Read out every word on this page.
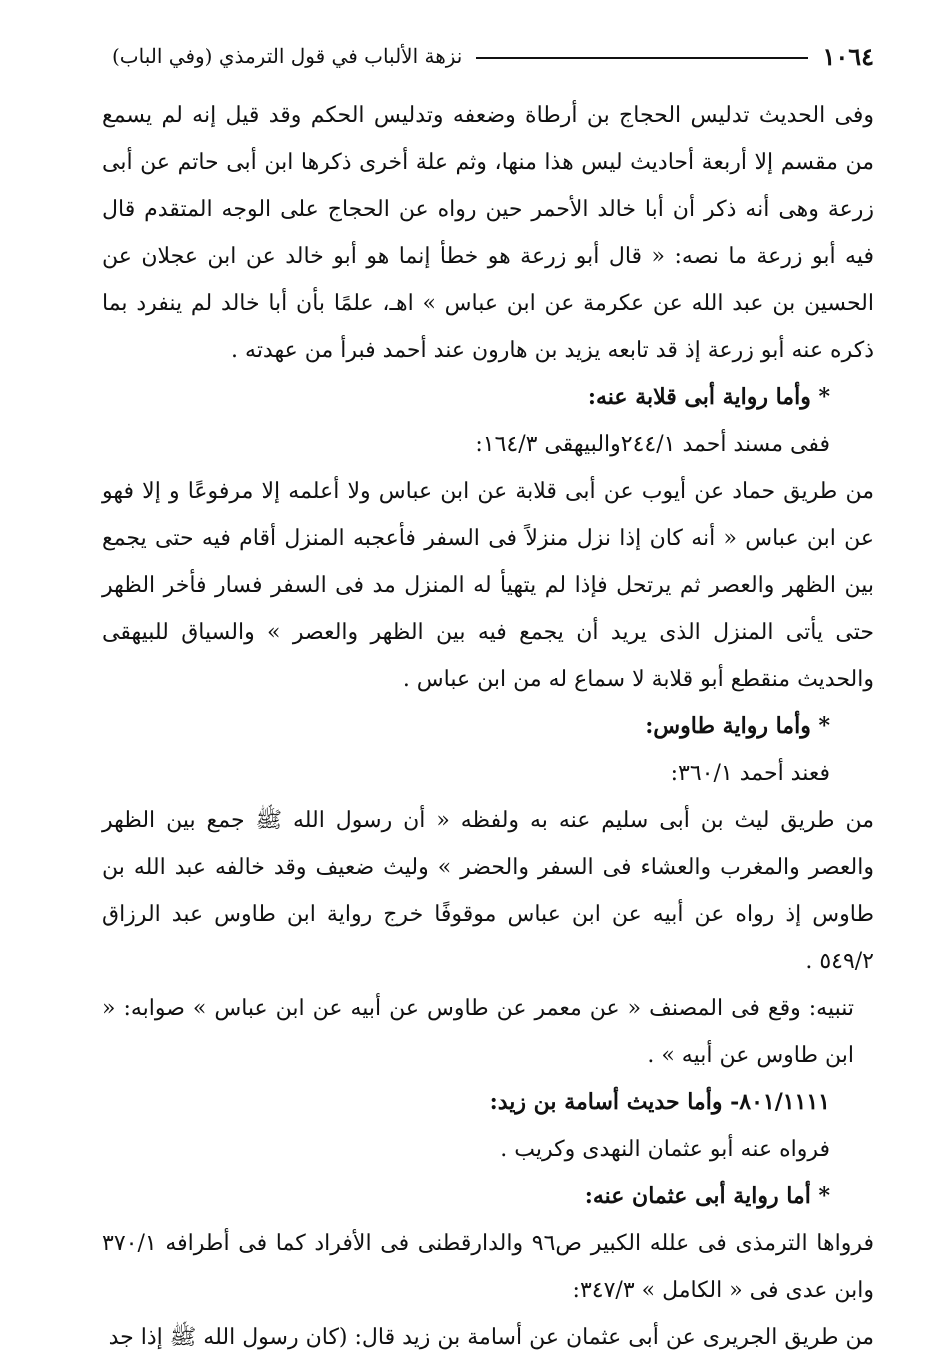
١٠٦٤
نزهة الألباب في قول الترمذي (وفي الباب)

وفى الحديث تدليس الحجاج بن أرطاة وضعفه وتدليس الحكم وقد قيل إنه لم يسمع من مقسم إلا أربعة أحاديث ليس هذا منها، وثم علة أخرى ذكرها ابن أبى حاتم عن أبى زرعة وهى أنه ذكر أن أبا خالد الأحمر حين رواه عن الحجاج على الوجه المتقدم قال فيه أبو زرعة ما نصه: « قال أبو زرعة هو خطأ إنما هو أبو خالد عن ابن عجلان عن الحسين بن عبد الله عن عكرمة عن ابن عباس » اهـ، علمًا بأن أبا خالد لم ينفرد بما ذكره عنه أبو زرعة إذ قد تابعه يزيد بن هارون عند أحمد فبرأ من عهدته .

* وأما رواية أبى قلابة عنه:

ففى مسند أحمد ٢٤٤/١والبيهقى ١٦٤/٣:

من طريق حماد عن أيوب عن أبى قلابة عن ابن عباس ولا أعلمه إلا مرفوعًا و إلا فهو عن ابن عباس « أنه كان إذا نزل منزلاً فى السفر فأعجبه المنزل أقام فيه حتى يجمع بين الظهر والعصر ثم يرتحل فإذا لم يتهيأ له المنزل مد فى السفر فسار فأخر الظهر حتى يأتى المنزل الذى يريد أن يجمع فيه بين الظهر والعصر » والسياق للبيهقى والحديث منقطع أبو قلابة لا سماع له من ابن عباس .

* وأما رواية طاوس:

فعند أحمد ٣٦٠/١:

من طريق ليث بن أبى سليم عنه به ولفظه « أن رسول الله ﷺ جمع بين الظهر والعصر والمغرب والعشاء فى السفر والحضر » وليث ضعيف وقد خالفه عبد الله بن طاوس إذ رواه عن أبيه عن ابن عباس موقوفًا خرج رواية ابن طاوس عبد الرزاق ٥٤٩/٢ .

تنبيه: وقع فى المصنف « عن معمر عن طاوس عن أبيه عن ابن عباس » صوابه: « ابن طاوس عن أبيه » .

٨٠١/١١١١- وأما حديث أسامة بن زيد:

فرواه عنه أبو عثمان النهدى وكريب .

* أما رواية أبى عثمان عنه:

فرواها الترمذى فى علله الكبير ص٩٦ والدارقطنى فى الأفراد كما فى أطرافه ٣٧٠/١ وابن عدى فى « الكامل » ٣٤٧/٣:

من طريق الجريرى عن أبى عثمان عن أسامة بن زيد قال: (كان رسول الله ﷺ إذا جد
